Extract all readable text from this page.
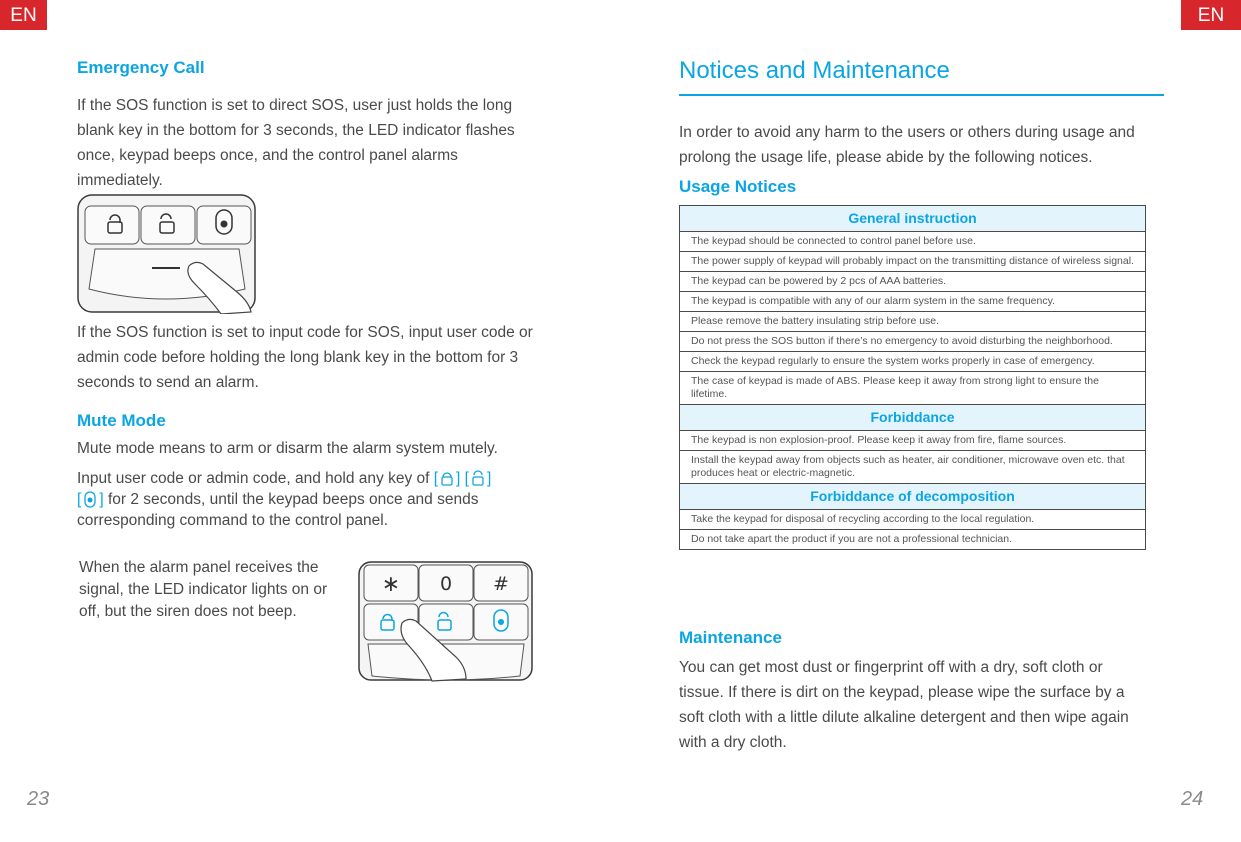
EN	EN
Emergency Call

If the SOS function is set to direct SOS, user just holds the long blank key in the bottom for 3 seconds, the LED indicator flashes once, keypad beeps once, and the control panel alarms immediately.

If the SOS function is set to input code for SOS, input user code or admin code before holding the long blank key in the bottom for 3 seconds to send an alarm.

Mute Mode

Mute mode means to arm or disarm the alarm system mutely.

Input user code or admin code, and hold any key of [ ] [ ]
[ ] for 2 seconds, until the keypad beeps once and sends

corresponding command to the control panel.

When the alarm panel receives the signal, the LED indicator lights on or off, but the siren does not beep.

∗ 0 #
23
Notices and Maintenance

In order to avoid any harm to the users or others during usage and prolong the usage life, please abide by the following notices.

Usage Notices
General instruction
The keypad should be connected to control panel before use.
The power supply of keypad will probably impact on the transmitting distance of wireless signal.
The keypad can be powered by 2 pcs of AAA batteries.
The keypad is compatible with any of our alarm system in the same frequency.
Please remove the battery insulating strip before use.
Do not press the SOS button if there’s no emergency to avoid disturbing the neighborhood.
Check the keypad regularly to ensure the system works properly in case of emergency.
The case of keypad is made of ABS. Please keep it away from strong light to ensure the lifetime.
Forbiddance
The keypad is non explosion-proof. Please keep it away from fire, flame sources.
Install the keypad away from objects such as heater, air conditioner, microwave oven etc. that produces heat or electric-magnetic.
Forbiddance of decomposition
Take the keypad for disposal of recycling according to the local regulation.
Do not take apart the product if you are not a professional technician.
Maintenance

You can get most dust or fingerprint off with a dry, soft cloth or tissue. If there is dirt on the keypad, please wipe the surface by a soft cloth with a little dilute alkaline detergent and then wipe again with a dry cloth.

24
